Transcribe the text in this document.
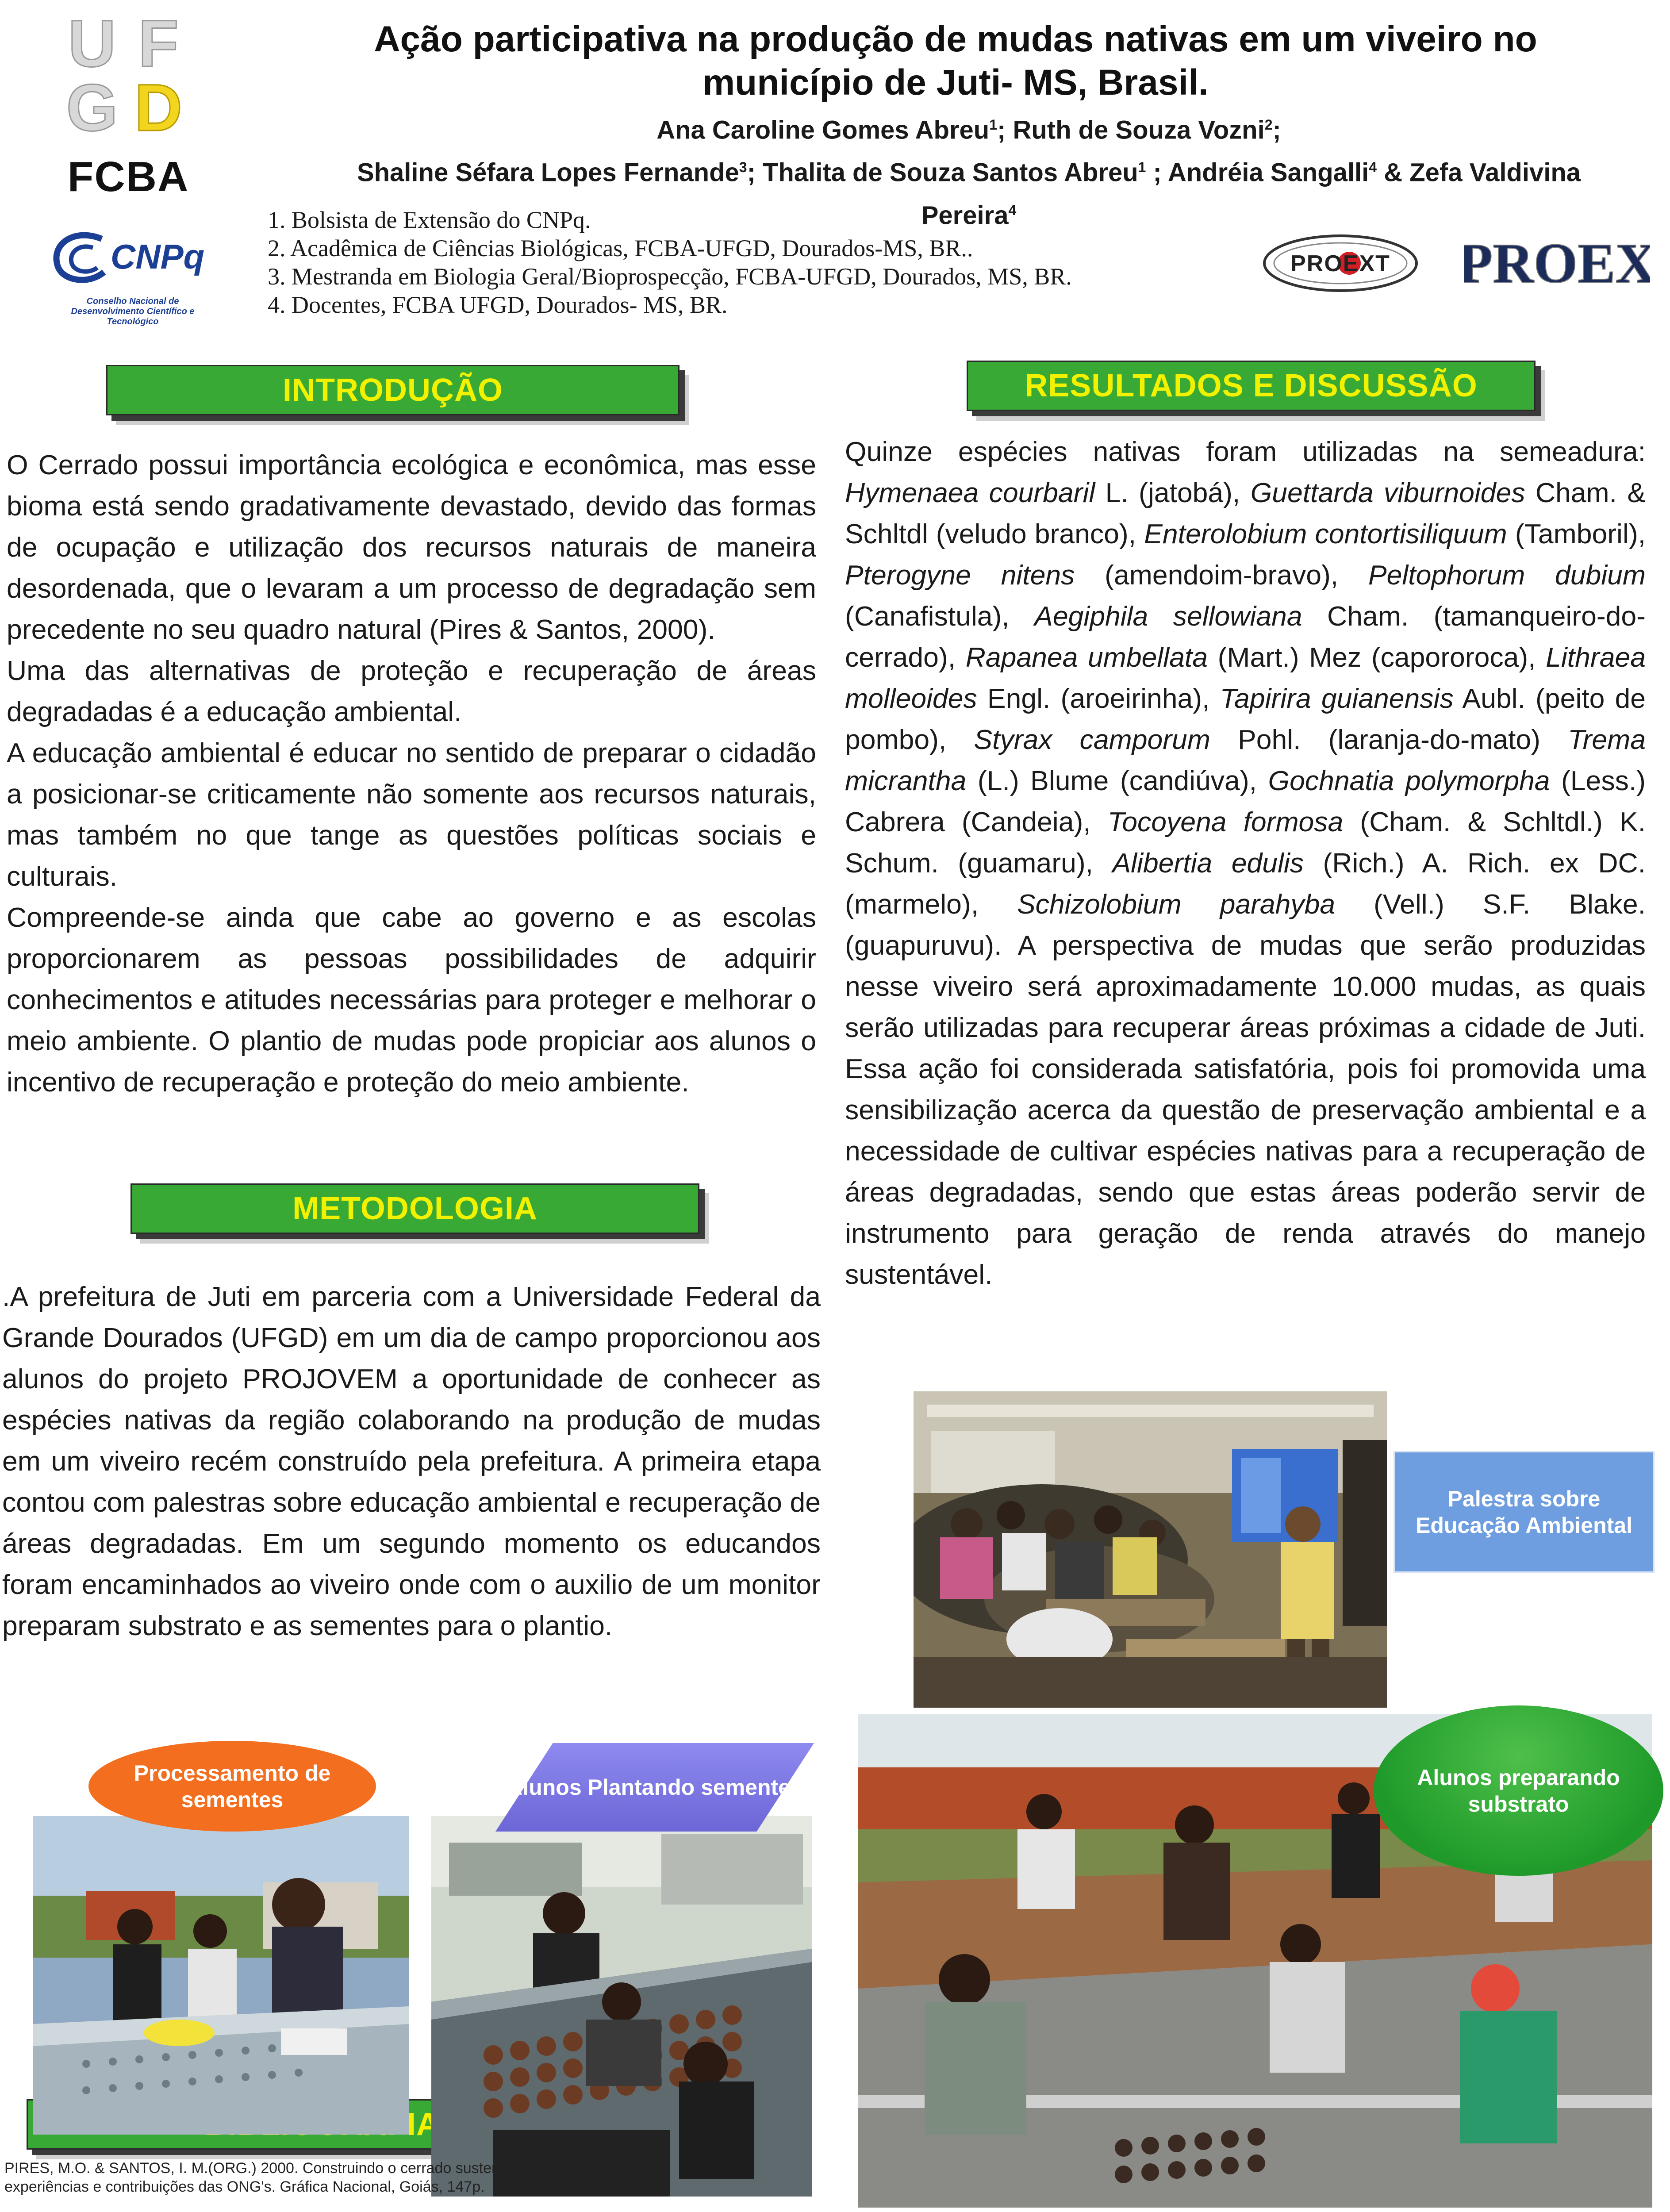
U F
G D
FCBA
CNPq
Conselho Nacional de Desenvolvimento Científico e Tecnológico
PROEXT PROEX
Ação participativa na produção de mudas nativas em um viveiro no
município de Juti- MS, Brasil.
Ana Caroline Gomes Abreu$^1$; Ruth de Souza Vozni$^2$;
Shaline Séfara Lopes Fernande$^3$; Thalita de Souza Santos Abreu$^1$ ; Andréia Sangalli$^4$ & Zefa Valdivina
Pereira$^4$
1. Bolsista de Extensão do CNPq.
2. Acadêmica de Ciências Biológicas, FCBA-UFGD, Dourados-MS, BR..
3. Mestranda em Biologia Geral/Bioprospecção, FCBA-UFGD, Dourados, MS, BR.
4. Docentes, FCBA UFGD, Dourados- MS, BR.
INTRODUÇÃO	RESULTADOS E DISCUSSÃO
METODOLOGIA

O Cerrado possui importância ecológica e econômica, mas esse bioma está sendo gradativamente devastado, devido das formas de ocupação e utilização dos recursos naturais de maneira desordenada, que o levaram a um processo de degradação sem precedente no seu quadro natural (Pires & Santos, 2000).

Uma das alternativas de proteção e recuperação de áreas degradadas é a educação ambiental.

A educação ambiental é educar no sentido de preparar o cidadão a posicionar-se criticamente não somente aos recursos naturais, mas também no que tange as questões políticas sociais e culturais.

Compreende-se ainda que cabe ao governo e as escolas proporcionarem as pessoas possibilidades de adquirir conhecimentos e atitudes necessárias para proteger e melhorar o meio ambiente. O plantio de mudas pode propiciar aos alunos o incentivo de recuperação e proteção do meio ambiente.

.A prefeitura de Juti em parceria com a Universidade Federal da Grande Dourados (UFGD) em um dia de campo proporcionou aos alunos do projeto PROJOVEM a oportunidade de conhecer as espécies nativas da região colaborando na produção de mudas em um viveiro recém construído pela prefeitura. A primeira etapa contou com palestras sobre educação ambiental e recuperação de áreas degradadas. Em um segundo momento os educandos foram encaminhados ao viveiro onde com o auxilio de um monitor preparam substrato e as sementes para o plantio.

Quinze espécies nativas foram utilizadas na semeadura: Hymenaea courbaril L. (jatobá), Guettarda viburnoides Cham. & Schltdl (veludo branco), Enterolobium contortisiliquum (Tamboril), Pterogyne nitens (amendoim-bravo), Peltophorum dubium (Canafistula), Aegiphila sellowiana Cham. (tamanqueiro-do-cerrado), Rapanea umbellata (Mart.) Mez (capororoca), Lithraea molleoides Engl. (aroeirinha), Tapirira guianensis Aubl. (peito de pombo), Styrax camporum Pohl. (laranja-do-mato) Trema micrantha (L.) Blume (candiúva), Gochnatia polymorpha (Less.) Cabrera (Candeia), Tocoyena formosa (Cham. & Schltdl.) K. Schum. (guamaru), Alibertia edulis (Rich.) A. Rich. ex DC. (marmelo), Schizolobium parahyba (Vell.) S.F. Blake. (guapuruvu). A perspectiva de mudas que serão produzidas nesse viveiro será aproximadamente 10.000 mudas, as quais serão utilizadas para recuperar áreas próximas a cidade de Juti. Essa ação foi considerada satisfatória, pois foi promovida uma sensibilização acerca da questão de preservação ambiental e a necessidade de cultivar espécies nativas para a recuperação de áreas degradadas, sendo que estas áreas poderão servir de instrumento para geração de renda através do manejo sustentável.

Palestra sobre Educação Ambiental
Processamento de sementes	Alunos Plantando sementes	Alunos preparando substrato
PIRES, M.O. & SANTOS, I. M.(ORG.) 2000. Construindo o cerrado sustentável: experiências e contribuições das ONG's. Gráfica Nacional, Goiás, 147p.
